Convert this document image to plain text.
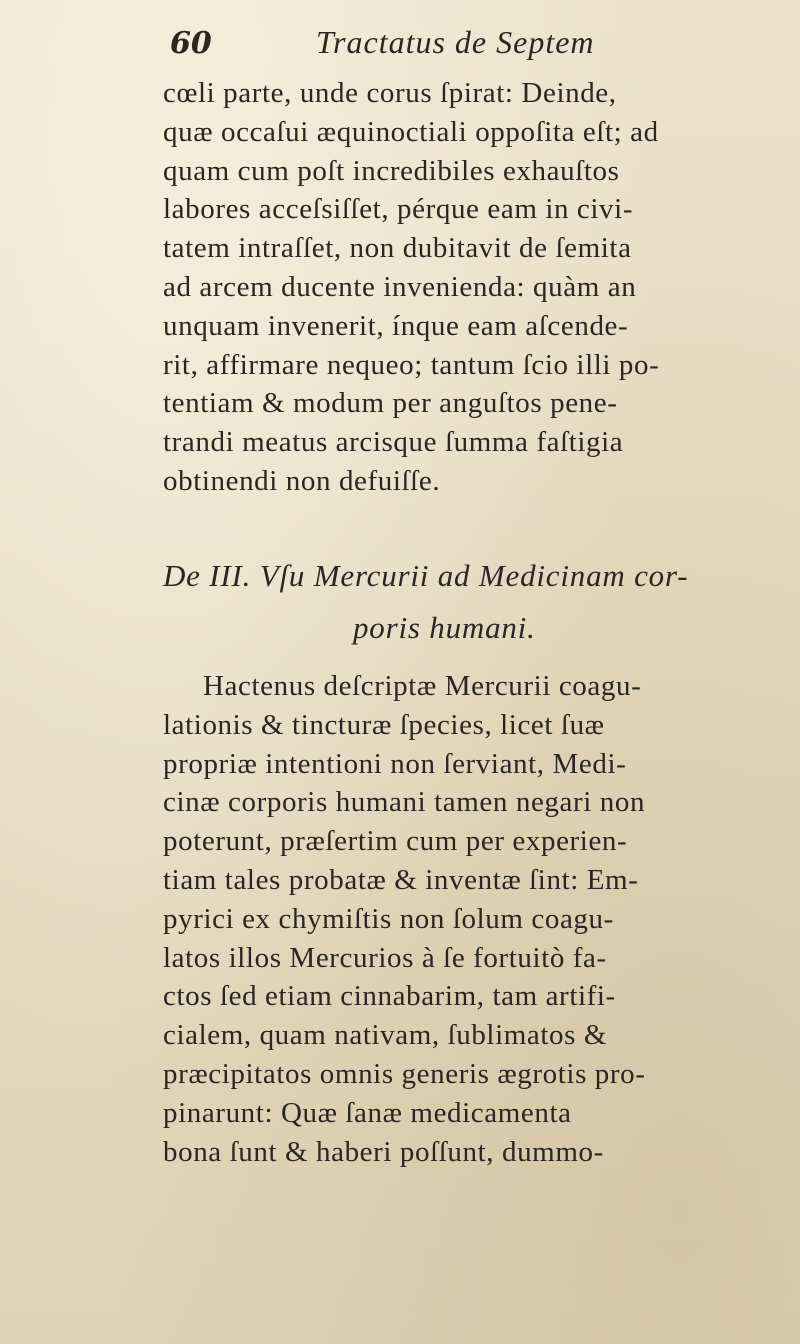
60	Tractatus de Septem
cœli parte, unde corus ſpirat: Deinde,
quæ occaſui æquinoctiali oppoſita eſt; ad
quam cum poſt incredibiles exhauſtos
labores acceſsiſſet, pérque eam in civi-
tatem intraſſet, non dubitavit de ſemita
ad arcem ducente invenienda: quàm an
unquam invenerit, ínque eam aſcende-
rit, affirmare nequeo; tantum ſcio illi po-
tentiam & modum per anguſtos pene-
trandi meatus arcisque ſumma faſtigia
obtinendi non defuiſſe.
De III. Vſu Mercurii ad Medicinam cor-
poris humani.
Hactenus deſcriptæ Mercurii coagu-
lationis & tincturæ ſpecies, licet ſuæ
propriæ intentioni non ſerviant, Medi-
cinæ corporis humani tamen negari non
poterunt, præſertim cum per experien-
tiam tales probatæ & inventæ ſint: Em-
pyrici ex chymiſtis non ſolum coagu-
latos illos Mercurios à ſe fortuitò fa-
ctos ſed etiam cinnabarim, tam artifi-
cialem, quam nativam, ſublimatos &
præcipitatos omnis generis ægrotis pro-
pinarunt: Quæ ſanæ medicamenta
bona ſunt & haberi poſſunt, dummo-
